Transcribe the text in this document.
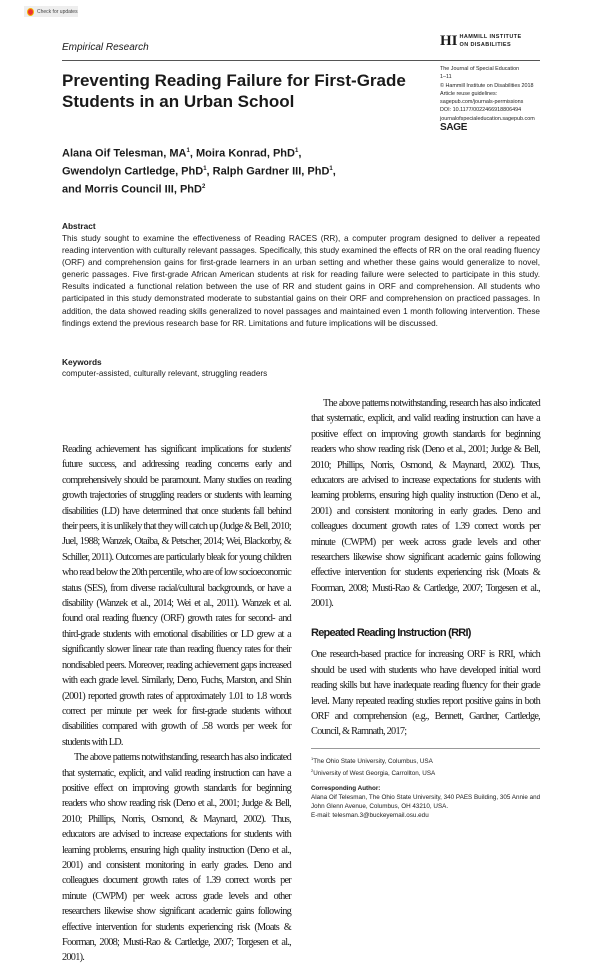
Check for updates
Empirical Research	HI HAMMILL INSTITUTE
ON DISABILITIES
Preventing Reading Failure for First-Grade Students in an Urban School
The Journal of Special Education
1–11
© Hammill Institute on Disabilities 2018
Article reuse guidelines:
sagepub.com/journals-permissions
DOI: 10.1177/0022466918806494
journalofspecialeducation.sagepub.com
SAGE
Alana Oif Telesman, $MA^1$, Moira Konrad, PhD$^1$,
Gwendolyn Cartledge, PhD$^1$, Ralph Gardner III, PhD$^1$,
and Morris Council III, PhD$^2$
Abstract
This study sought to examine the effectiveness of Reading RACES (RR), a computer program designed to deliver a repeated reading intervention with culturally relevant passages. Specifically, this study examined the effects of RR on the oral reading fluency (ORF) and comprehension gains for first-grade learners in an urban setting and whether these gains would generalize to novel, generic passages. Five first-grade African American students at risk for reading failure were selected to participate in this study. Results indicated a functional relation between the use of RR and student gains in ORF and comprehension. All students who participated in this study demonstrated moderate to substantial gains on their ORF and comprehension on practiced passages. In addition, the data showed reading skills generalized to novel passages and maintained even 1 month following intervention. These findings extend the previous research base for RR. Limitations and future implications will be discussed.
Keywords
computer-assisted, culturally relevant, struggling readers

Reading achievement has significant implications for students' future success, and addressing reading concerns early and comprehensively should be paramount. Many studies on reading growth trajectories of struggling readers or students with learning disabilities (LD) have determined that once students fall behind their peers, it is unlikely that they will catch up (Judge & Bell, 2010; Juel, 1988; Wanzek, Otaiba, & Petscher, 2014; Wei, Blackorby, & Schiller, 2011). Outcomes are particularly bleak for young children who read below the 20th percentile, who are of low socioeconomic status (SES), from diverse racial/cultural backgrounds, or have a disability (Wanzek et al., 2014; Wei et al., 2011). Wanzek et al. found oral reading fluency (ORF) growth rates for second- and third-grade students with emotional disabilities or LD grew at a significantly slower linear rate than reading fluency rates for their nondisabled peers. Moreover, reading achievement gaps increased with each grade level. Similarly, Deno, Fuchs, Marston, and Shin (2001) reported growth rates of approximately 1.01 to 1.8 words correct per minute per week for first-grade students without disabilities compared with growth of .58 words per week for students with LD.

The above patterns notwithstanding, research has also indicated that systematic, explicit, and valid reading instruction can have a positive effect on improving growth standards for beginning readers who show reading risk (Deno et al., 2001; Judge & Bell, 2010; Phillips, Norris, Osmond, & Maynard, 2002). Thus, educators are advised to increase expectations for students with learning problems, ensuring high quality instruction (Deno et al., 2001) and consistent monitoring in early grades. Deno and colleagues document growth rates of 1.39 correct words per minute (CWPM) per week across grade levels and other researchers likewise show significant academic gains following effective intervention for students experiencing risk (Moats & Foorman, 2008; Musti-Rao & Cartledge, 2007; Torgesen et al., 2001).

The above patterns notwithstanding, research has also indicated that systematic, explicit, and valid reading instruction can have a positive effect on improving growth standards for beginning readers who show reading risk (Deno et al., 2001; Judge & Bell, 2010; Phillips, Norris, Osmond, & Maynard, 2002). Thus, educators are advised to increase expectations for students with learning problems, ensuring high quality instruction (Deno et al., 2001) and consistent monitoring in early grades. Deno and colleagues document growth rates of 1.39 correct words per minute (CWPM) per week across grade levels and other researchers likewise show significant academic gains following effective intervention for students experiencing risk (Moats & Foorman, 2008; Musti-Rao & Cartledge, 2007; Torgesen et al., 2001).

Repeated Reading Instruction (RRI)

One research-based practice for increasing ORF is RRI, which should be used with students who have developed initial word reading skills but have inadequate reading fluency for their grade level. Many repeated reading studies report positive gains in both ORF and comprehension (e.g., Bennett, Gardner, Cartledge, Council, & Ramnath, 2017;

$^1$The Ohio State University, Columbus, USA
$^2$University of West Georgia, Carrollton, USA
Corresponding Author:
Alana Oif Telesman, The Ohio State University, 340 PAES Building, 305 Annie and John Glenn Avenue, Columbus, OH 43210, USA.
E-mail: telesman.3@buckeyemail.osu.edu
